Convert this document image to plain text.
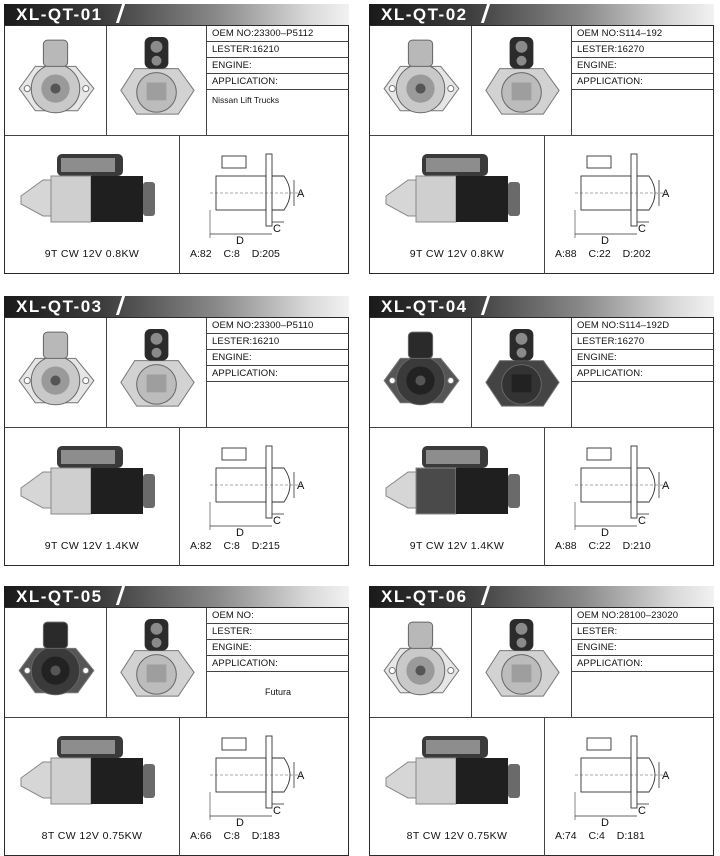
XL-QT-01
OEM NO:23300–P5112
LESTER:16210
ENGINE:
APPLICATION:
Nissan Lift Trucks
9T CW 12V 0.8KW
A
C
D
A:82 C:8 D:205
XL-QT-02
OEM NO:S114–192
LESTER:16270
ENGINE:
APPLICATION:
9T CW 12V 0.8KW
A
C
D
A:88 C:22 D:202
XL-QT-03
OEM NO:23300–P5110
LESTER:16210
ENGINE:
APPLICATION:
9T CW 12V 1.4KW
A
C
D
A:82 C:8 D:215
XL-QT-04
OEM NO:S114–192D
LESTER:16270
ENGINE:
APPLICATION:
9T CW 12V 1.4KW
A
C
D
A:88 C:22 D:210
XL-QT-05
OEM NO:
LESTER:
ENGINE:
APPLICATION:
Futura
8T CW 12V 0.75KW
A
C
D
A:66 C:8 D:183
XL-QT-06
OEM NO:28100–23020
LESTER:
ENGINE:
APPLICATION:
8T CW 12V 0.75KW
A
C
D
A:74 C:4 D:181
